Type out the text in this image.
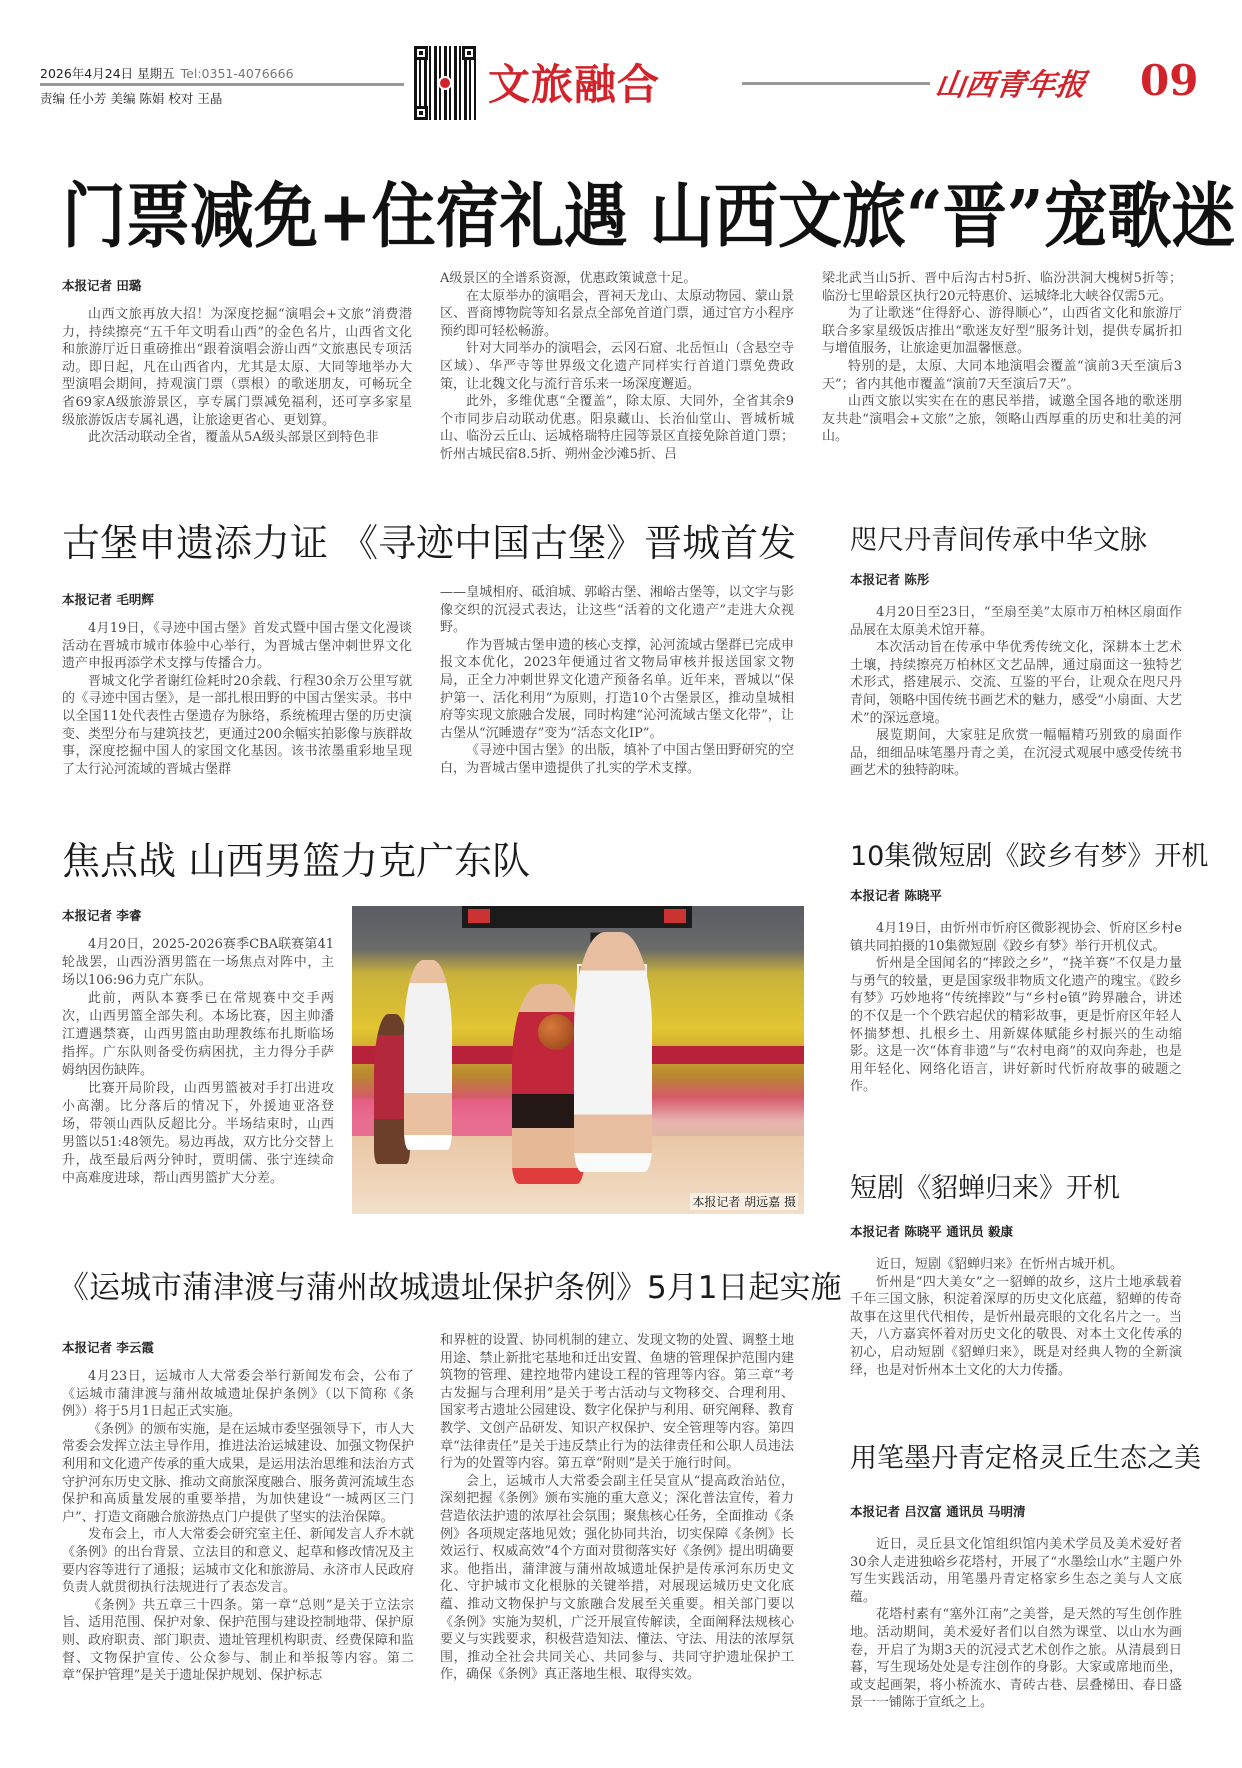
2026年4月24日 星期五 Tel:0351-4076666
责编 任小芳 美编 陈娟 校对 王晶	文旅融合	山西青年报 09
门票减免+住宿礼遇 山西文旅“晋”宠歌迷
本报记者 田璐

山西文旅再放大招！为深度挖掘“演唱会+文旅”消费潜力，持续擦亮“五千年文明看山西”的金色名片，山西省文化和旅游厅近日重磅推出“跟着演唱会游山西”文旅惠民专项活动。即日起，凡在山西省内，尤其是太原、大同等地举办大型演唱会期间，持观演门票（票根）的歌迷朋友，可畅玩全省69家A级旅游景区，享专属门票减免福利，还可享多家星级旅游饭店专属礼遇，让旅途更省心、更划算。

此次活动联动全省，覆盖从5A级头部景区到特色非

A级景区的全谱系资源，优惠政策诚意十足。

在太原举办的演唱会，晋祠天龙山、太原动物园、蒙山景区、晋商博物院等知名景点全部免首道门票，通过官方小程序预约即可轻松畅游。

针对大同举办的演唱会，云冈石窟、北岳恒山（含悬空寺区域）、华严寺等世界级文化遗产同样实行首道门票免费政策，让北魏文化与流行音乐来一场深度邂逅。

此外，多维优惠“全覆盖”，除太原、大同外，全省其余9个市同步启动联动优惠。阳泉藏山、长治仙堂山、晋城析城山、临汾云丘山、运城格瑞特庄园等景区直接免除首道门票；忻州古城民宿8.5折、朔州金沙滩5折、吕

梁北武当山5折、晋中后沟古村5折、临汾洪洞大槐树5折等；临汾七里峪景区执行20元特惠价、运城绛北大峡谷仅需5元。

为了让歌迷“住得舒心、游得顺心”，山西省文化和旅游厅联合多家星级饭店推出“歌迷友好型”服务计划，提供专属折扣与增值服务，让旅途更加温馨惬意。

特别的是，太原、大同本地演唱会覆盖“演前3天至演后3天”；省内其他市覆盖“演前7天至演后7天”。

山西文旅以实实在在的惠民举措，诚邀全国各地的歌迷朋友共赴“演唱会+文旅”之旅，领略山西厚重的历史和壮美的河山。

古堡申遗添力证 《寻迹中国古堡》晋城首发
本报记者 毛明辉

4月19日，《寻迹中国古堡》首发式暨中国古堡文化漫谈活动在晋城市城市体验中心举行，为晋城古堡冲刺世界文化遗产申报再添学术支撑与传播合力。

晋城文化学者谢红俭耗时20余载、行程30余万公里写就的《寻迹中国古堡》，是一部扎根田野的中国古堡实录。书中以全国11处代表性古堡遗存为脉络，系统梳理古堡的历史演变、类型分布与建筑技艺，更通过200余幅实拍影像与族群故事，深度挖掘中国人的家国文化基因。该书浓墨重彩地呈现了太行沁河流域的晋城古堡群

——皇城相府、砥洎城、郭峪古堡、湘峪古堡等，以文字与影像交织的沉浸式表达，让这些“活着的文化遗产”走进大众视野。

作为晋城古堡申遗的核心支撑，沁河流域古堡群已完成申报文本优化，2023年便通过省文物局审核并报送国家文物局，正全力冲刺世界文化遗产预备名单。近年来，晋城以“保护第一、活化利用”为原则，打造10个古堡景区，推动皇城相府等实现文旅融合发展，同时构建“沁河流域古堡文化带”，让古堡从“沉睡遗存”变为“活态文化IP”。

《寻迹中国古堡》的出版，填补了中国古堡田野研究的空白，为晋城古堡申遗提供了扎实的学术支撑。

咫尺丹青间传承中华文脉
本报记者 陈彤

4月20日至23日，“至扇至美”太原市万柏林区扇面作品展在太原美术馆开幕。

本次活动旨在传承中华优秀传统文化，深耕本土艺术土壤，持续擦亮万柏林区文艺品牌，通过扇面这一独特艺术形式，搭建展示、交流、互鉴的平台，让观众在咫尺丹青间，领略中国传统书画艺术的魅力，感受“小扇面、大艺术”的深远意境。

展览期间，大家驻足欣赏一幅幅精巧别致的扇面作品，细细品味笔墨丹青之美，在沉浸式观展中感受传统书画艺术的独特韵味。

焦点战 山西男篮力克广东队
本报记者 李睿

4月20日，2025-2026赛季CBA联赛第41轮战罢，山西汾酒男篮在一场焦点对阵中，主场以106:96力克广东队。

此前，两队本赛季已在常规赛中交手两次，山西男篮全部失利。本场比赛，因主帅潘江遭遇禁赛，山西男篮由助理教练布扎斯临场指挥。广东队则备受伤病困扰，主力得分手萨姆纳因伤缺阵。

比赛开局阶段，山西男篮被对手打出进攻小高潮。比分落后的情况下，外援迪亚洛登场，带领山西队反超比分。半场结束时，山西男篮以51:48领先。易边再战，双方比分交替上升，战至最后两分钟时，贾明儒、张宁连续命中高难度进球，帮山西男篮扩大分差。

本报记者 胡远嘉 摄
10集微短剧《跤乡有梦》开机
本报记者 陈晓平

4月19日，由忻州市忻府区微影视协会、忻府区乡村e镇共同拍摄的10集微短剧《跤乡有梦》举行开机仪式。

忻州是全国闻名的“摔跤之乡”，“挠羊赛”不仅是力量与勇气的较量，更是国家级非物质文化遗产的瑰宝。《跤乡有梦》巧妙地将“传统摔跤”与“乡村e镇”跨界融合，讲述的不仅是一个个跌宕起伏的精彩故事，更是忻府区年轻人怀揣梦想、扎根乡土、用新媒体赋能乡村振兴的生动缩影。这是一次“体育非遗”与“农村电商”的双向奔赴，也是用年轻化、网络化语言，讲好新时代忻府故事的破题之作。

短剧《貂蝉归来》开机
本报记者 陈晓平 通讯员 毅康

近日，短剧《貂蝉归来》在忻州古城开机。

忻州是“四大美女”之一貂蝉的故乡，这片土地承载着千年三国文脉，积淀着深厚的历史文化底蕴，貂蝉的传奇故事在这里代代相传，是忻州最亮眼的文化名片之一。当天，八方嘉宾怀着对历史文化的敬畏、对本土文化传承的初心，启动短剧《貂蝉归来》，既是对经典人物的全新演绎，也是对忻州本土文化的大力传播。

《运城市蒲津渡与蒲州故城遗址保护条例》5月1日起实施
本报记者 李云霞

4月23日，运城市人大常委会举行新闻发布会，公布了《运城市蒲津渡与蒲州故城遗址保护条例》（以下简称《条例》）将于5月1日起正式实施。

《条例》的颁布实施，是在运城市委坚强领导下，市人大常委会发挥立法主导作用，推进法治运城建设、加强文物保护利用和文化遗产传承的重大成果，是运用法治思维和法治方式守护河东历史文脉、推动文商旅深度融合、服务黄河流域生态保护和高质量发展的重要举措，为加快建设“一城两区三门户”、打造文商融合旅游热点门户提供了坚实的法治保障。

发布会上，市人大常委会研究室主任、新闻发言人乔木就《条例》的出台背景、立法目的和意义、起草和修改情况及主要内容等进行了通报；运城市文化和旅游局、永济市人民政府负责人就贯彻执行法规进行了表态发言。

《条例》共五章三十四条。第一章“总则”是关于立法宗旨、适用范围、保护对象、保护范围与建设控制地带、保护原则、政府职责、部门职责、遗址管理机构职责、经费保障和监督、文物保护宣传、公众参与、制止和举报等内容。第二章“保护管理”是关于遗址保护规划、保护标志

和界桩的设置、协同机制的建立、发现文物的处置、调整土地用途、禁止新批宅基地和迁出安置、鱼塘的管理保护范围内建筑物的管理、建控地带内建设工程的管理等内容。第三章“考古发掘与合理利用”是关于考古活动与文物移交、合理利用、国家考古遗址公园建设、数字化保护与利用、研究阐释、教育教学、文创产品研发、知识产权保护、安全管理等内容。第四章“法律责任”是关于违反禁止行为的法律责任和公职人员违法行为的处置等内容。第五章“附则”是关于施行时间。

会上，运城市人大常委会副主任吴宣从“提高政治站位，深刻把握《条例》颁布实施的重大意义；深化普法宣传，着力营造依法护遗的浓厚社会氛围；聚焦核心任务，全面推动《条例》各项规定落地见效；强化协同共治，切实保障《条例》长效运行、权威高效”4个方面对贯彻落实好《条例》提出明确要求。他指出，蒲津渡与蒲州故城遗址保护是传承河东历史文化、守护城市文化根脉的关键举措，对展现运城历史文化底蕴、推动文物保护与文旅融合发展至关重要。相关部门要以《条例》实施为契机，广泛开展宣传解读，全面阐释法规核心要义与实践要求，积极营造知法、懂法、守法、用法的浓厚氛围，推动全社会共同关心、共同参与、共同守护遗址保护工作，确保《条例》真正落地生根、取得实效。

用笔墨丹青定格灵丘生态之美
本报记者 吕汉富 通讯员 马明清

近日，灵丘县文化馆组织馆内美术学员及美术爱好者30余人走进独峪乡花塔村，开展了“水墨绘山水”主题户外写生实践活动，用笔墨丹青定格家乡生态之美与人文底蕴。

花塔村素有“塞外江南”之美誉，是天然的写生创作胜地。活动期间，美术爱好者们以自然为课堂、以山水为画卷，开启了为期3天的沉浸式艺术创作之旅。从清晨到日暮，写生现场处处是专注创作的身影。大家或席地而坐，或支起画架，将小桥流水、青砖古巷、层叠梯田、春日盛景一一铺陈于宣纸之上。
